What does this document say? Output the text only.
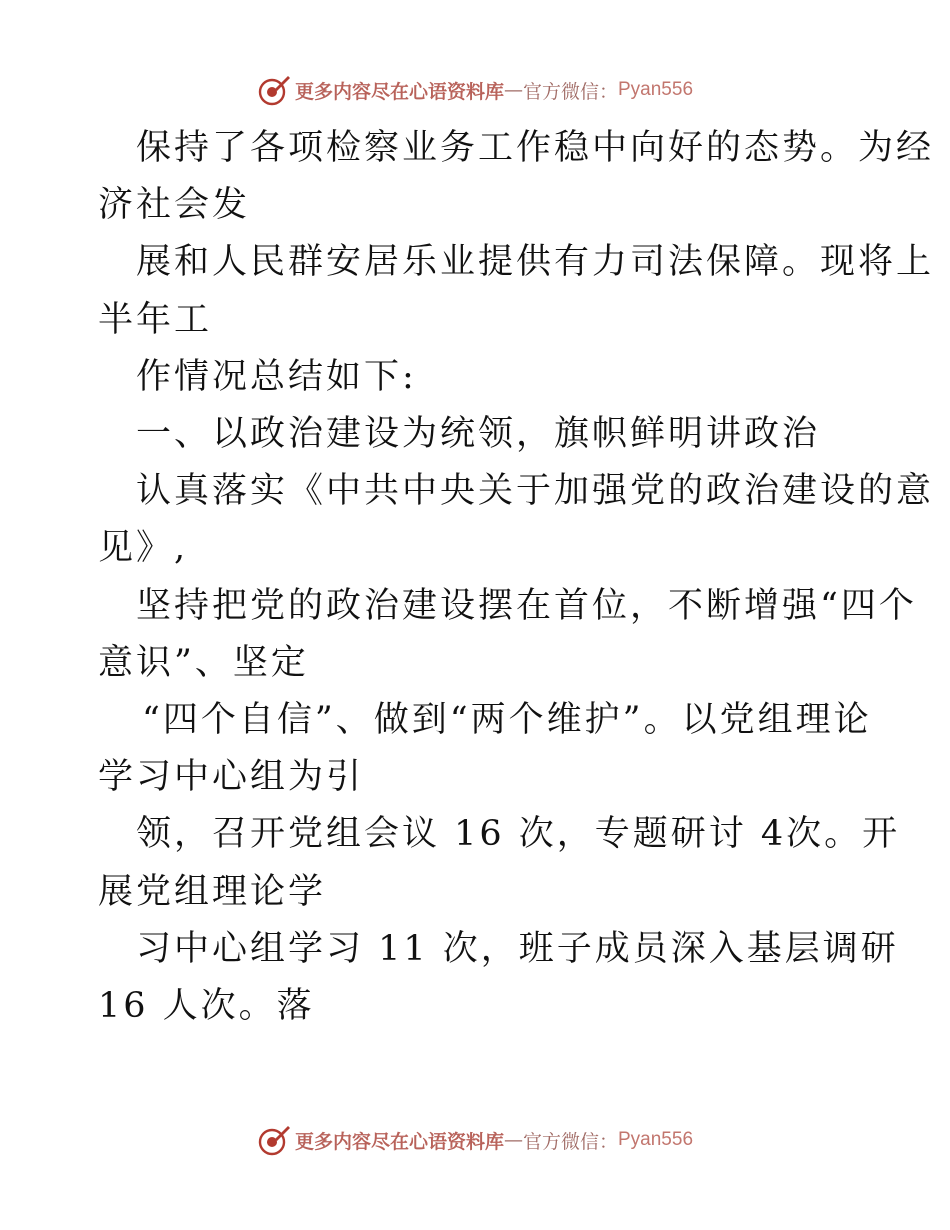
更多内容尽在心语资料库 — 官方微信： Pyan556
保持了各项检察业务工作稳中向好的态势。为经
济社会发
展和人民群安居乐业提供有力司法保障。现将上
半年工
作情况总结如下:
一、以政治建设为统领，旗帜鲜明讲政治
认真落实《中共中央关于加强党的政治建设的意
见》,
坚持把党的政治建设摆在首位，不断增强“四个
意识”、坚定
“四个自信”、做到“两个维护”。以党组理论
学习中心组为引
领，召开党组会议 16 次，专题研讨 4次。开
展党组理论学
习中心组学习 11 次，班子成员深入基层调研
16 人次。落
更多内容尽在心语资料库 — 官方微信： Pyan556
